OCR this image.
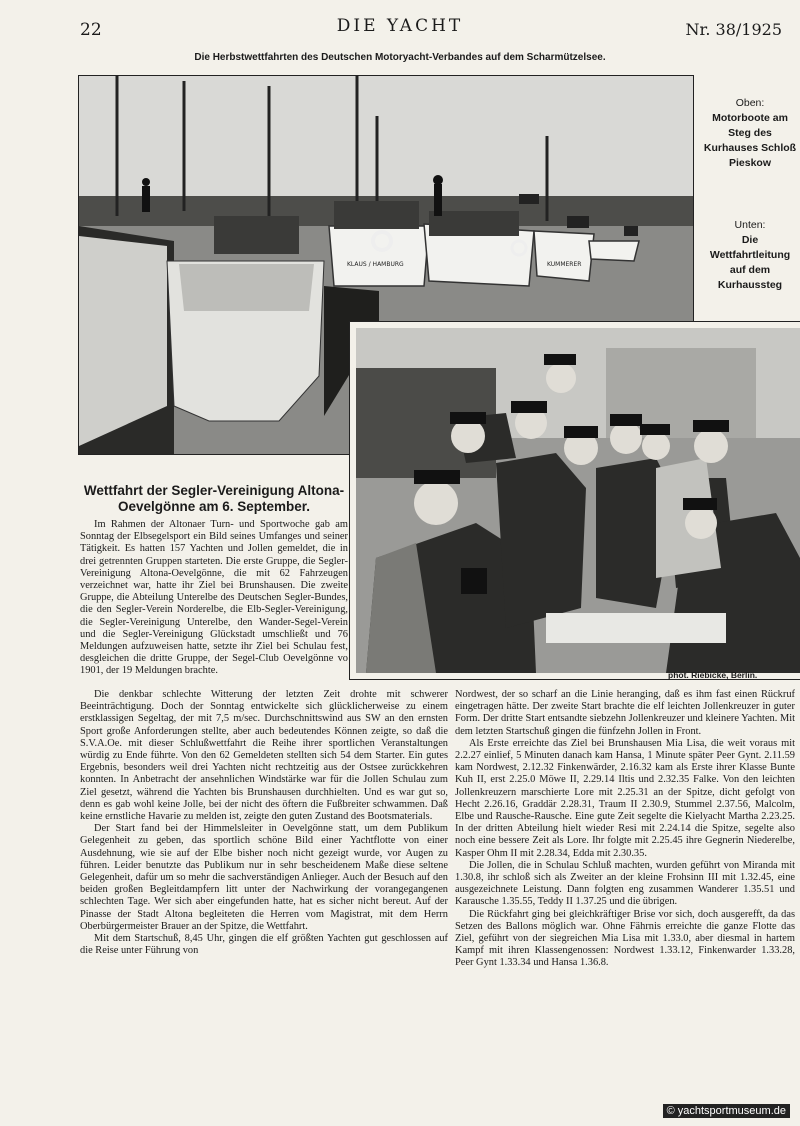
22	DIE YACHT	Nr. 38/1925
Die Herbstwettfahrten des Deutschen Motoryacht-Verbandes auf dem Scharmützelsee.
KLAUS / HAMBURG	KUMMERER
Oben:
Motorboote am Steg des Kurhauses Schloß Pieskow
Unten:
Die Wettfahrtleitung auf dem Kurhaussteg
phot. Riebicke, Berlin.
Wettfahrt der Segler-Vereinigung Altona-Oevelgönne am 6. September.

Im Rahmen der Altonaer Turn- und Sportwoche gab am Sonntag der Elbsegelsport ein Bild seines Umfanges und seiner Tätigkeit. Es hatten 157 Yachten und Jollen gemeldet, die in drei getrennten Gruppen starteten. Die erste Gruppe, die Segler-Vereinigung Altona-Oevelgönne, die mit 62 Fahrzeugen verzeichnet war, hatte ihr Ziel bei Brunshausen. Die zweite Gruppe, die Abteilung Unterelbe des Deutschen Segler-Bundes, die den Segler-Verein Norderelbe, die Elb-Segler-Vereinigung, die Segler-Vereinigung Unterelbe, den Wander-Segel-Verein und die Segler-Vereinigung Glückstadt umschließt und 76 Meldungen aufzuweisen hatte, setzte ihr Ziel bei Schulau fest, desgleichen die dritte Gruppe, der Segel-Club Oevelgönne vo 1901, der 19 Meldungen brachte.

Die denkbar schlechte Witterung der letzten Zeit drohte mit schwerer Beeinträchtigung. Doch der Sonntag entwickelte sich glücklicherweise zu einem erstklassigen Segeltag, der mit 7,5 m/sec. Durchschnittswind aus SW an den ernsten Sport große Anforderungen stellte, aber auch bedeutendes Können zeigte, so daß die S.V.A.Oe. mit dieser Schlußwettfahrt die Reihe ihrer sportlichen Veranstaltungen würdig zu Ende führte. Von den 62 Gemeldeten stellten sich 54 dem Starter. Ein gutes Ergebnis, besonders weil drei Yachten nicht rechtzeitig aus der Ostsee zurückkehren konnten. In Anbetracht der ansehnlichen Windstärke war für die Jollen Schulau zum Ziel gesetzt, während die Yachten bis Brunshausen durchhielten. Und es war gut so, denn es gab wohl keine Jolle, bei der nicht des öftern die Fußbreiter schwammen. Daß keine ernstliche Havarie zu melden ist, zeigte den guten Zustand des Bootsmaterials.

Der Start fand bei der Himmelsleiter in Oevelgönne statt, um dem Publikum Gelegenheit zu geben, das sportlich schöne Bild einer Yachtflotte von einer Ausdehnung, wie sie auf der Elbe bisher noch nicht gezeigt wurde, vor Augen zu führen. Leider benutzte das Publikum nur in sehr bescheidenem Maße diese seltene Gelegenheit, dafür um so mehr die sachverständigen Anlieger. Auch der Besuch auf den beiden großen Begleitdampfern litt unter der Nachwirkung der vorangegangenen schlechten Tage. Wer sich aber eingefunden hatte, hat es sicher nicht bereut. Auf der Pinasse der Stadt Altona begleiteten die Herren vom Magistrat, mit dem Herrn Oberbürgermeister Brauer an der Spitze, die Wettfahrt.

Mit dem Startschuß, 8,45 Uhr, gingen die elf größten Yachten gut geschlossen auf die Reise unter Führung von

Nordwest, der so scharf an die Linie heranging, daß es ihm fast einen Rückruf eingetragen hätte. Der zweite Start brachte die elf leichten Jollenkreuzer in guter Form. Der dritte Start entsandte siebzehn Jollenkreuzer und kleinere Yachten. Mit dem letzten Startschuß gingen die fünfzehn Jollen in Front.

Als Erste erreichte das Ziel bei Brunshausen Mia Lisa, die weit voraus mit 2.2.27 einlief, 5 Minuten danach kam Hansa, 1 Minute später Peer Gynt. 2.11.59 kam Nordwest, 2.12.32 Finkenwärder, 2.16.32 kam als Erste ihrer Klasse Bunte Kuh II, erst 2.25.0 Möwe II, 2.29.14 Iltis und 2.32.35 Falke. Von den leichten Jollenkreuzern marschierte Lore mit 2.25.31 an der Spitze, dicht gefolgt von Hecht 2.26.16, Graddär 2.28.31, Traum II 2.30.9, Stummel 2.37.56, Malcolm, Elbe und Rausche-Rausche. Eine gute Zeit segelte die Kielyacht Martha 2.23.25. In der dritten Abteilung hielt wieder Resi mit 2.24.14 die Spitze, segelte also noch eine bessere Zeit als Lore. Ihr folgte mit 2.25.45 ihre Gegnerin Niederelbe, Kasper Ohm II mit 2.28.34, Edda mit 2.30.35.

Die Jollen, die in Schulau Schluß machten, wurden geführt von Miranda mit 1.30.8, ihr schloß sich als Zweiter an der kleine Frohsinn III mit 1.32.45, eine ausgezeichnete Leistung. Dann folgten eng zusammen Wanderer 1.35.51 und Karausche 1.35.55, Teddy II 1.37.25 und die übrigen.

Die Rückfahrt ging bei gleichkräftiger Brise vor sich, doch ausgerefft, da das Setzen des Ballons möglich war. Ohne Fährnis erreichte die ganze Flotte das Ziel, geführt von der siegreichen Mia Lisa mit 1.33.0, aber diesmal in hartem Kampf mit ihren Klassengenossen: Nordwest 1.33.12, Finkenwarder 1.33.28, Peer Gynt 1.33.34 und Hansa 1.36.8.

© yachtsportmuseum.de
